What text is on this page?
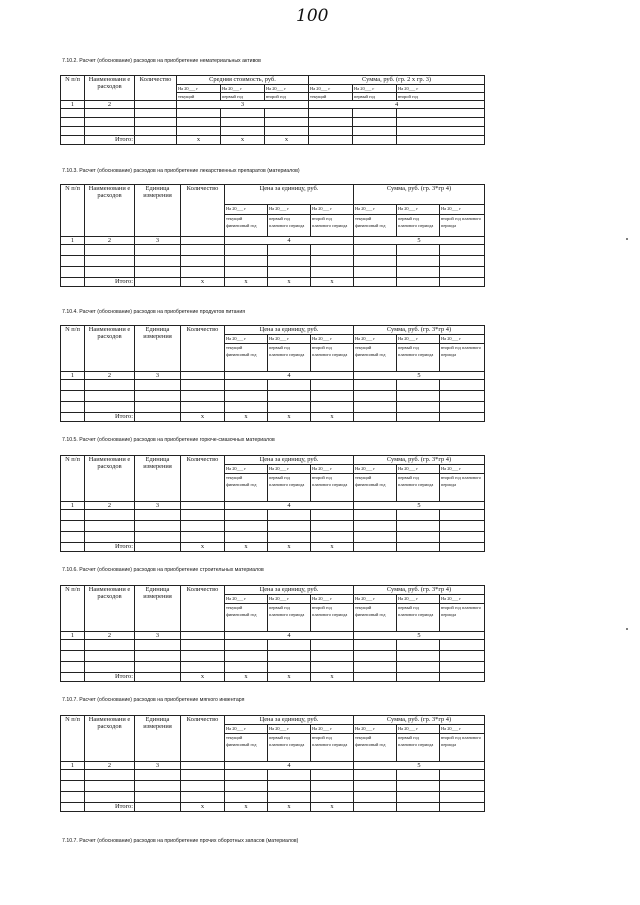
100
7.10.2. Расчет (обоснование) расходов на приобретение нематериальных активов
N п/п	Наименовани е расходов	Количество	Средняя стоимость, руб.			Сумма, руб. (гр. 2 х гр. 3)		
			На 20___ г	На 20___ г	На 20___ г	На 20___ г	На 20___ г	На 20___ г
			текущий	первый год	второй год	текущий	первый год	второй год
1	2		3			4		

	Итого:		x	x	x			
7.10.3. Расчет (обоснование) расходов на приобретение лекарственных препаратов (материалов)
N п/п	Наименовани е расходов	Единица измерения	Количество	Цена за единицу, руб.			Сумма, руб. (гр. 3*гр 4)		
				На 20___ г	На 20___ г	На 20___ г	На 20___ г	На 20___ г	На 20___ г
				текущий финансовый год	первый год планового периода	второй год планового периода	текущий финансовый год	первый год планового периода	второй год планового периода
1	2	3		4			5		

	Итого:		x	x	x	x			
7.10.4. Расчет (обоснование) расходов на приобретение продуктов питания
N п/п	Наименовани е расходов	Единица измерения	Количество	Цена за единицу, руб.			Сумма, руб. (гр. 3*гр 4)		
				На 20___ г	На 20___ г	На 20___ г	На 20___ г	На 20___ г	На 20___ г
				текущий финансовый год	первый год планового периода	второй год планового периода	текущий финансовый год	первый год планового периода	второй год планового периода
1	2	3		4			5		

	Итого:		x	x	x	x			
7.10.5. Расчет (обоснование) расходов на приобретение горюче-смазочных материалов
N п/п	Наименовани е расходов	Единица измерения	Количество	Цена за единицу, руб.			Сумма, руб. (гр. 3*гр 4)		
				На 20___ г	На 20___ г	На 20___ г	На 20___ г	На 20___ г	На 20___ г
				текущий финансовый год	первый год планового периода	второй год планового периода	текущий финансовый год	первый год планового периода	второй год планового периода
1	2	3		4			5		

	Итого:		x	x	x	x			
7.10.6. Расчет (обоснование) расходов на приобретение строительных материалов
N п/п	Наименовани е расходов	Единица измерения	Количество	Цена за единицу, руб.			Сумма, руб. (гр. 3*гр 4)		
				На 20___ г	На 20___ г	На 20___ г	На 20___ г	На 20___ г	На 20___ г
				текущий финансовый год	первый год планового периода	второй год планового периода	текущий финансовый год	первый год планового периода	второй год планового периода
1	2	3		4			5		

	Итого:		x	x	x	x			
7.10.7. Расчет (обоснование) расходов на приобретение мягкого инвентаря
N п/п	Наименовани е расходов	Единица измерения	Количество	Цена за единицу, руб.			Сумма, руб. (гр. 3*гр 4)		
				На 20___ г	На 20___ г	На 20___ г	На 20___ г	На 20___ г	На 20___ г
				текущий финансовый год	первый год планового периода	второй год планового периода	текущий финансовый год	первый год планового периода	второй год планового периода
1	2	3		4			5		

	Итого:		x	x	x	x			
7.10.7. Расчет (обоснование) расходов на приобретение прочих оборотных запасов (материалов)
